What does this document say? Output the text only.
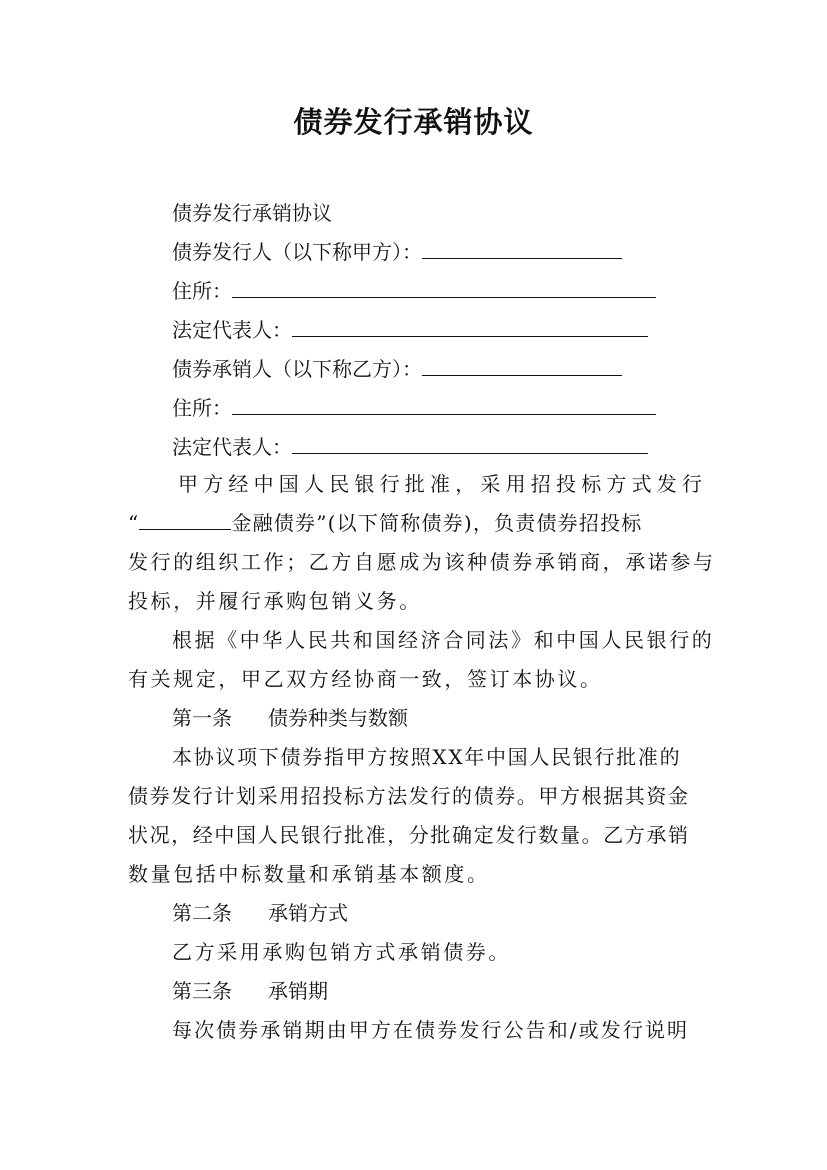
债券发行承销协议
债券发行承销协议
债券发行人（以下称甲方）：
住所：
法定代表人：
债券承销人（以下称乙方）：
住所：
法定代表人：
甲方经中国人民银行批准，采用招投标方式发行
“	金融债券”(以下简称债券)，负责债券招投标
发行的组织工作；乙方自愿成为该种债券承销商，承诺参与
投标，并履行承购包销义务。
根据《中华人民共和国经济合同法》和中国人民银行的
有关规定，甲乙双方经协商一致，签订本协议。
第一条 债券种类与数额
本协议项下债券指甲方按照XX年中国人民银行批准的
债券发行计划采用招投标方法发行的债券。甲方根据其资金
状况，经中国人民银行批准，分批确定发行数量。乙方承销
数量包括中标数量和承销基本额度。
第二条 承销方式
乙方采用承购包销方式承销债券。
第三条 承销期
每次债券承销期由甲方在债券发行公告和/或发行说明
